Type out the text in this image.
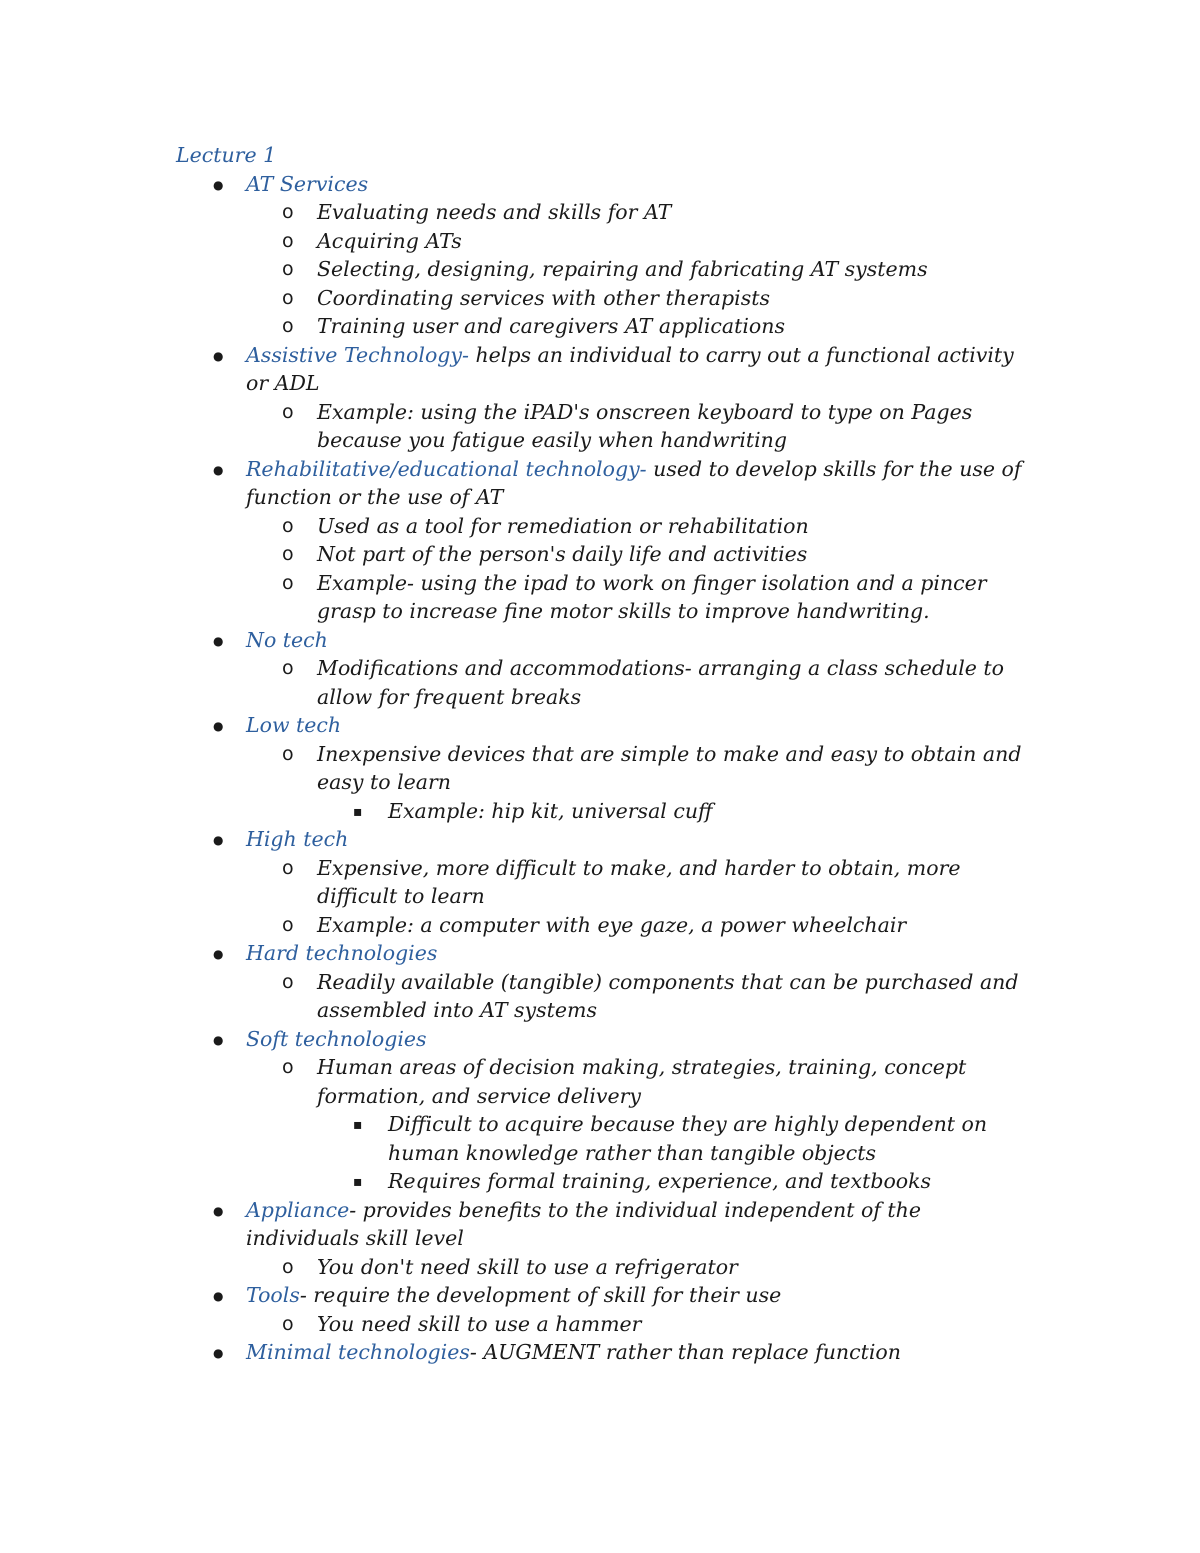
Lecture 1
●
AT Services
o
Evaluating needs and skills for AT
o
Acquiring ATs
o
Selecting, designing, repairing and fabricating AT systems
o
Coordinating services with other therapists
o
Training user and caregivers AT applications
●
Assistive Technology- helps an individual to carry out a functional activity or ADL
o
Example: using the iPAD's onscreen keyboard to type on Pages because you fatigue easily when handwriting
●
Rehabilitative/educational technology- used to develop skills for the use of function or the use of AT
o
Used as a tool for remediation or rehabilitation
o
Not part of the person's daily life and activities
o
Example- using the ipad to work on finger isolation and a pincer grasp to increase fine motor skills to improve handwriting.
●
No tech
o
Modifications and accommodations- arranging a class schedule to allow for frequent breaks
●
Low tech
o
Inexpensive devices that are simple to make and easy to obtain and easy to learn
▪
Example: hip kit, universal cuff
●
High tech
o
Expensive, more difficult to make, and harder to obtain, more difficult to learn
o
Example: a computer with eye gaze, a power wheelchair
●
Hard technologies
o
Readily available (tangible) components that can be purchased and assembled into AT systems
●
Soft technologies
o
Human areas of decision making, strategies, training, concept formation, and service delivery
▪
Difficult to acquire because they are highly dependent on human knowledge rather than tangible objects
▪
Requires formal training, experience, and textbooks
●
Appliance- provides benefits to the individual independent of the individuals skill level
o
You don't need skill to use a refrigerator
●
Tools- require the development of skill for their use
o
You need skill to use a hammer
●
Minimal technologies- AUGMENT rather than replace function
